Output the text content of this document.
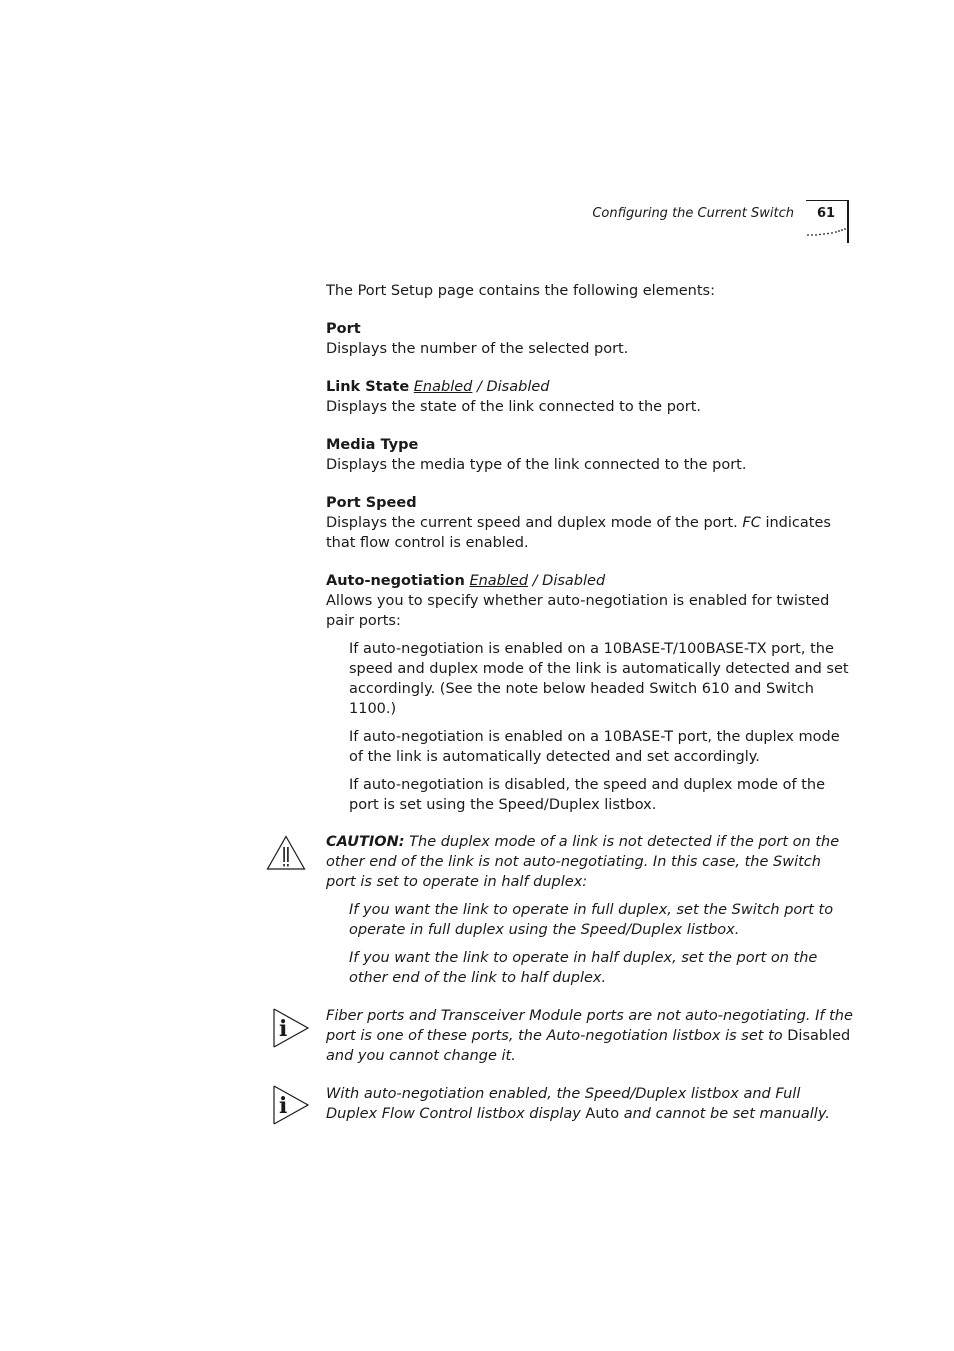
Configuring the Current Switch 61

The Port Setup page contains the following elements:

Port

Displays the number of the selected port.

Link State Enabled / Disabled

Displays the state of the link connected to the port.

Media Type

Displays the media type of the link connected to the port.

Port Speed

Displays the current speed and duplex mode of the port. FC indicates that flow control is enabled.

Auto-negotiation Enabled / Disabled

Allows you to specify whether auto-negotiation is enabled for twisted pair ports:

If auto-negotiation is enabled on a 10BASE-T/100BASE-TX port, the speed and duplex mode of the link is automatically detected and set accordingly. (See the note below headed Switch 610 and Switch 1100.)

If auto-negotiation is enabled on a 10BASE-T port, the duplex mode of the link is automatically detected and set accordingly.

If auto-negotiation is disabled, the speed and duplex mode of the port is set using the Speed/Duplex listbox.

CAUTION: The duplex mode of a link is not detected if the port on the other end of the link is not auto-negotiating. In this case, the Switch port is set to operate in half duplex:

If you want the link to operate in full duplex, set the Switch port to operate in full duplex using the Speed/Duplex listbox.

If you want the link to operate in half duplex, set the port on the other end of the link to half duplex.

i	Fiber ports and Transceiver Module ports are not auto-negotiating. If the port is one of these ports, the Auto-negotiation listbox is set to Disabled and you cannot change it.
i	With auto-negotiation enabled, the Speed/Duplex listbox and Full Duplex Flow Control listbox display Auto and cannot be set manually.
